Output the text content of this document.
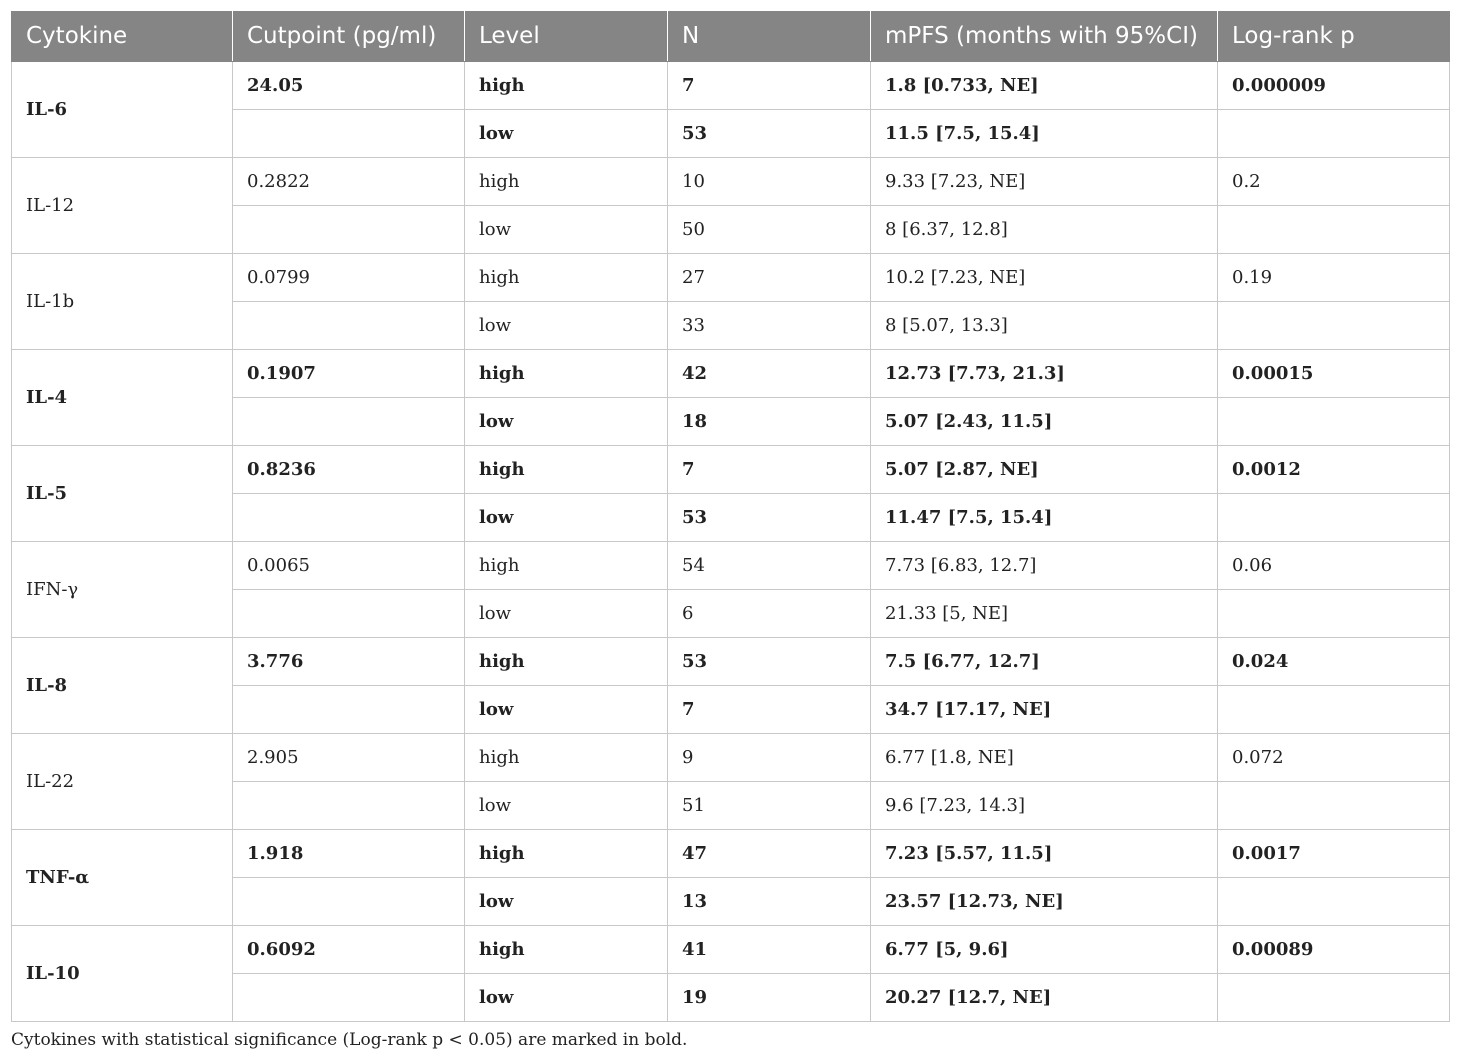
Cytokine	Cutpoint (pg/ml)	Level	N	mPFS (months with 95%CI)	Log-rank p
IL-6	24.05	high	7	1.8 [0.733, NE]	0.000009
		low	53	11.5 [7.5, 15.4]	
IL-12	0.2822	high	10	9.33 [7.23, NE]	0.2
		low	50	8 [6.37, 12.8]	
IL-1b	0.0799	high	27	10.2 [7.23, NE]	0.19
		low	33	8 [5.07, 13.3]	
IL-4	0.1907	high	42	12.73 [7.73, 21.3]	0.00015
		low	18	5.07 [2.43, 11.5]	
IL-5	0.8236	high	7	5.07 [2.87, NE]	0.0012
		low	53	11.47 [7.5, 15.4]	
IFN-γ	0.0065	high	54	7.73 [6.83, 12.7]	0.06
		low	6	21.33 [5, NE]	
IL-8	3.776	high	53	7.5 [6.77, 12.7]	0.024
		low	7	34.7 [17.17, NE]	
IL-22	2.905	high	9	6.77 [1.8, NE]	0.072
		low	51	9.6 [7.23, 14.3]	
TNF-α	1.918	high	47	7.23 [5.57, 11.5]	0.0017
		low	13	23.57 [12.73, NE]	
IL-10	0.6092	high	41	6.77 [5, 9.6]	0.00089
		low	19	20.27 [12.7, NE]	
Cytokines with statistical significance (Log-rank p < 0.05) are marked in bold.
